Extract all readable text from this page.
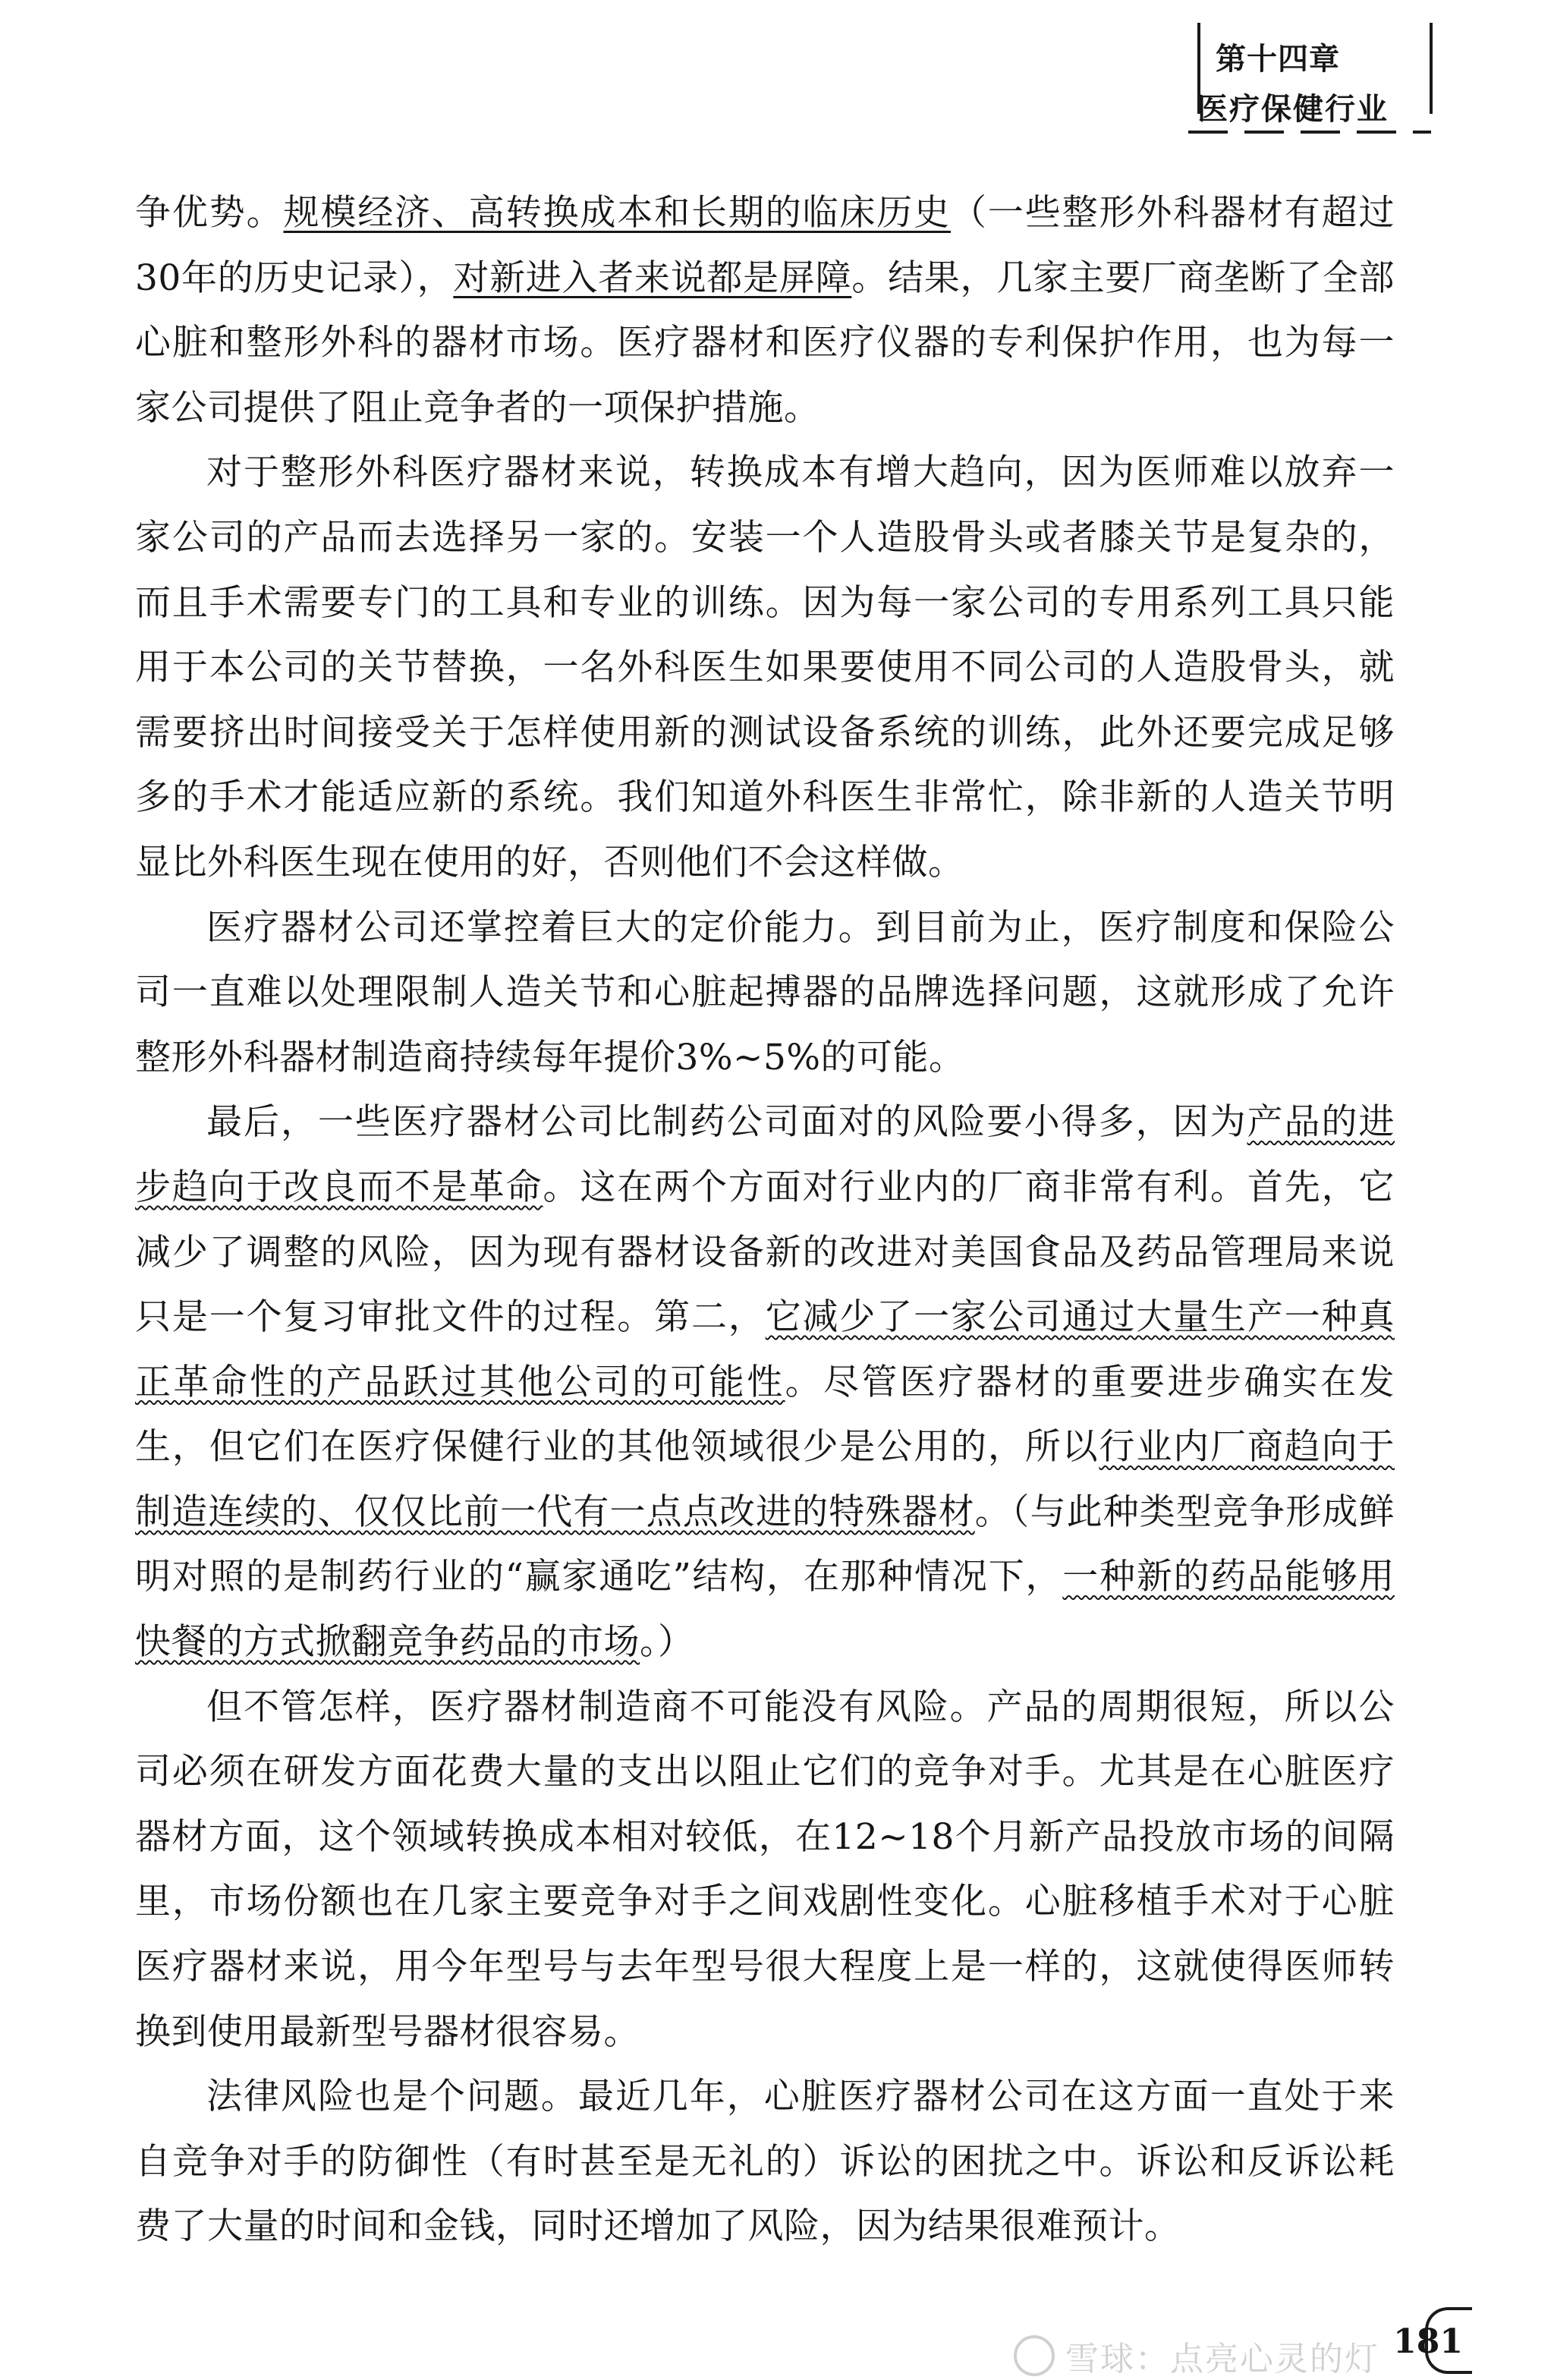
第十四章
医疗保健行业

争优势。规模经济、高转换成本和长期的临床历史（一些整形外科器材有超过30年的历史记录），对新进入者来说都是屏障。结果，几家主要厂商垄断了全部心脏和整形外科的器材市场。医疗器材和医疗仪器的专利保护作用，也为每一家公司提供了阻止竞争者的一项保护措施。

对于整形外科医疗器材来说，转换成本有增大趋向，因为医师难以放弃一家公司的产品而去选择另一家的。安装一个人造股骨头或者膝关节是复杂的，而且手术需要专门的工具和专业的训练。因为每一家公司的专用系列工具只能用于本公司的关节替换，一名外科医生如果要使用不同公司的人造股骨头，就需要挤出时间接受关于怎样使用新的测试设备系统的训练，此外还要完成足够多的手术才能适应新的系统。我们知道外科医生非常忙，除非新的人造关节明显比外科医生现在使用的好，否则他们不会这样做。

医疗器材公司还掌控着巨大的定价能力。到目前为止，医疗制度和保险公司一直难以处理限制人造关节和心脏起搏器的品牌选择问题，这就形成了允许整形外科器材制造商持续每年提价3%~5%的可能。

最后，一些医疗器材公司比制药公司面对的风险要小得多，因为产品的进步趋向于改良而不是革命。这在两个方面对行业内的厂商非常有利。首先，它减少了调整的风险，因为现有器材设备新的改进对美国食品及药品管理局来说只是一个复习审批文件的过程。第二，它减少了一家公司通过大量生产一种真正革命性的产品跃过其他公司的可能性。尽管医疗器材的重要进步确实在发生，但它们在医疗保健行业的其他领域很少是公用的，所以行业内厂商趋向于制造连续的、仅仅比前一代有一点点改进的特殊器材。（与此种类型竞争形成鲜明对照的是制药行业的“赢家通吃”结构，在那种情况下，一种新的药品能够用快餐的方式掀翻竞争药品的市场。）

但不管怎样，医疗器材制造商不可能没有风险。产品的周期很短，所以公司必须在研发方面花费大量的支出以阻止它们的竞争对手。尤其是在心脏医疗器材方面，这个领域转换成本相对较低，在12~18个月新产品投放市场的间隔里，市场份额也在几家主要竞争对手之间戏剧性变化。心脏移植手术对于心脏医疗器材来说，用今年型号与去年型号很大程度上是一样的，这就使得医师转换到使用最新型号器材很容易。

法律风险也是个问题。最近几年，心脏医疗器材公司在这方面一直处于来自竞争对手的防御性（有时甚至是无礼的）诉讼的困扰之中。诉讼和反诉讼耗费了大量的时间和金钱，同时还增加了风险，因为结果很难预计。

雪球：点亮心灵的灯 181
